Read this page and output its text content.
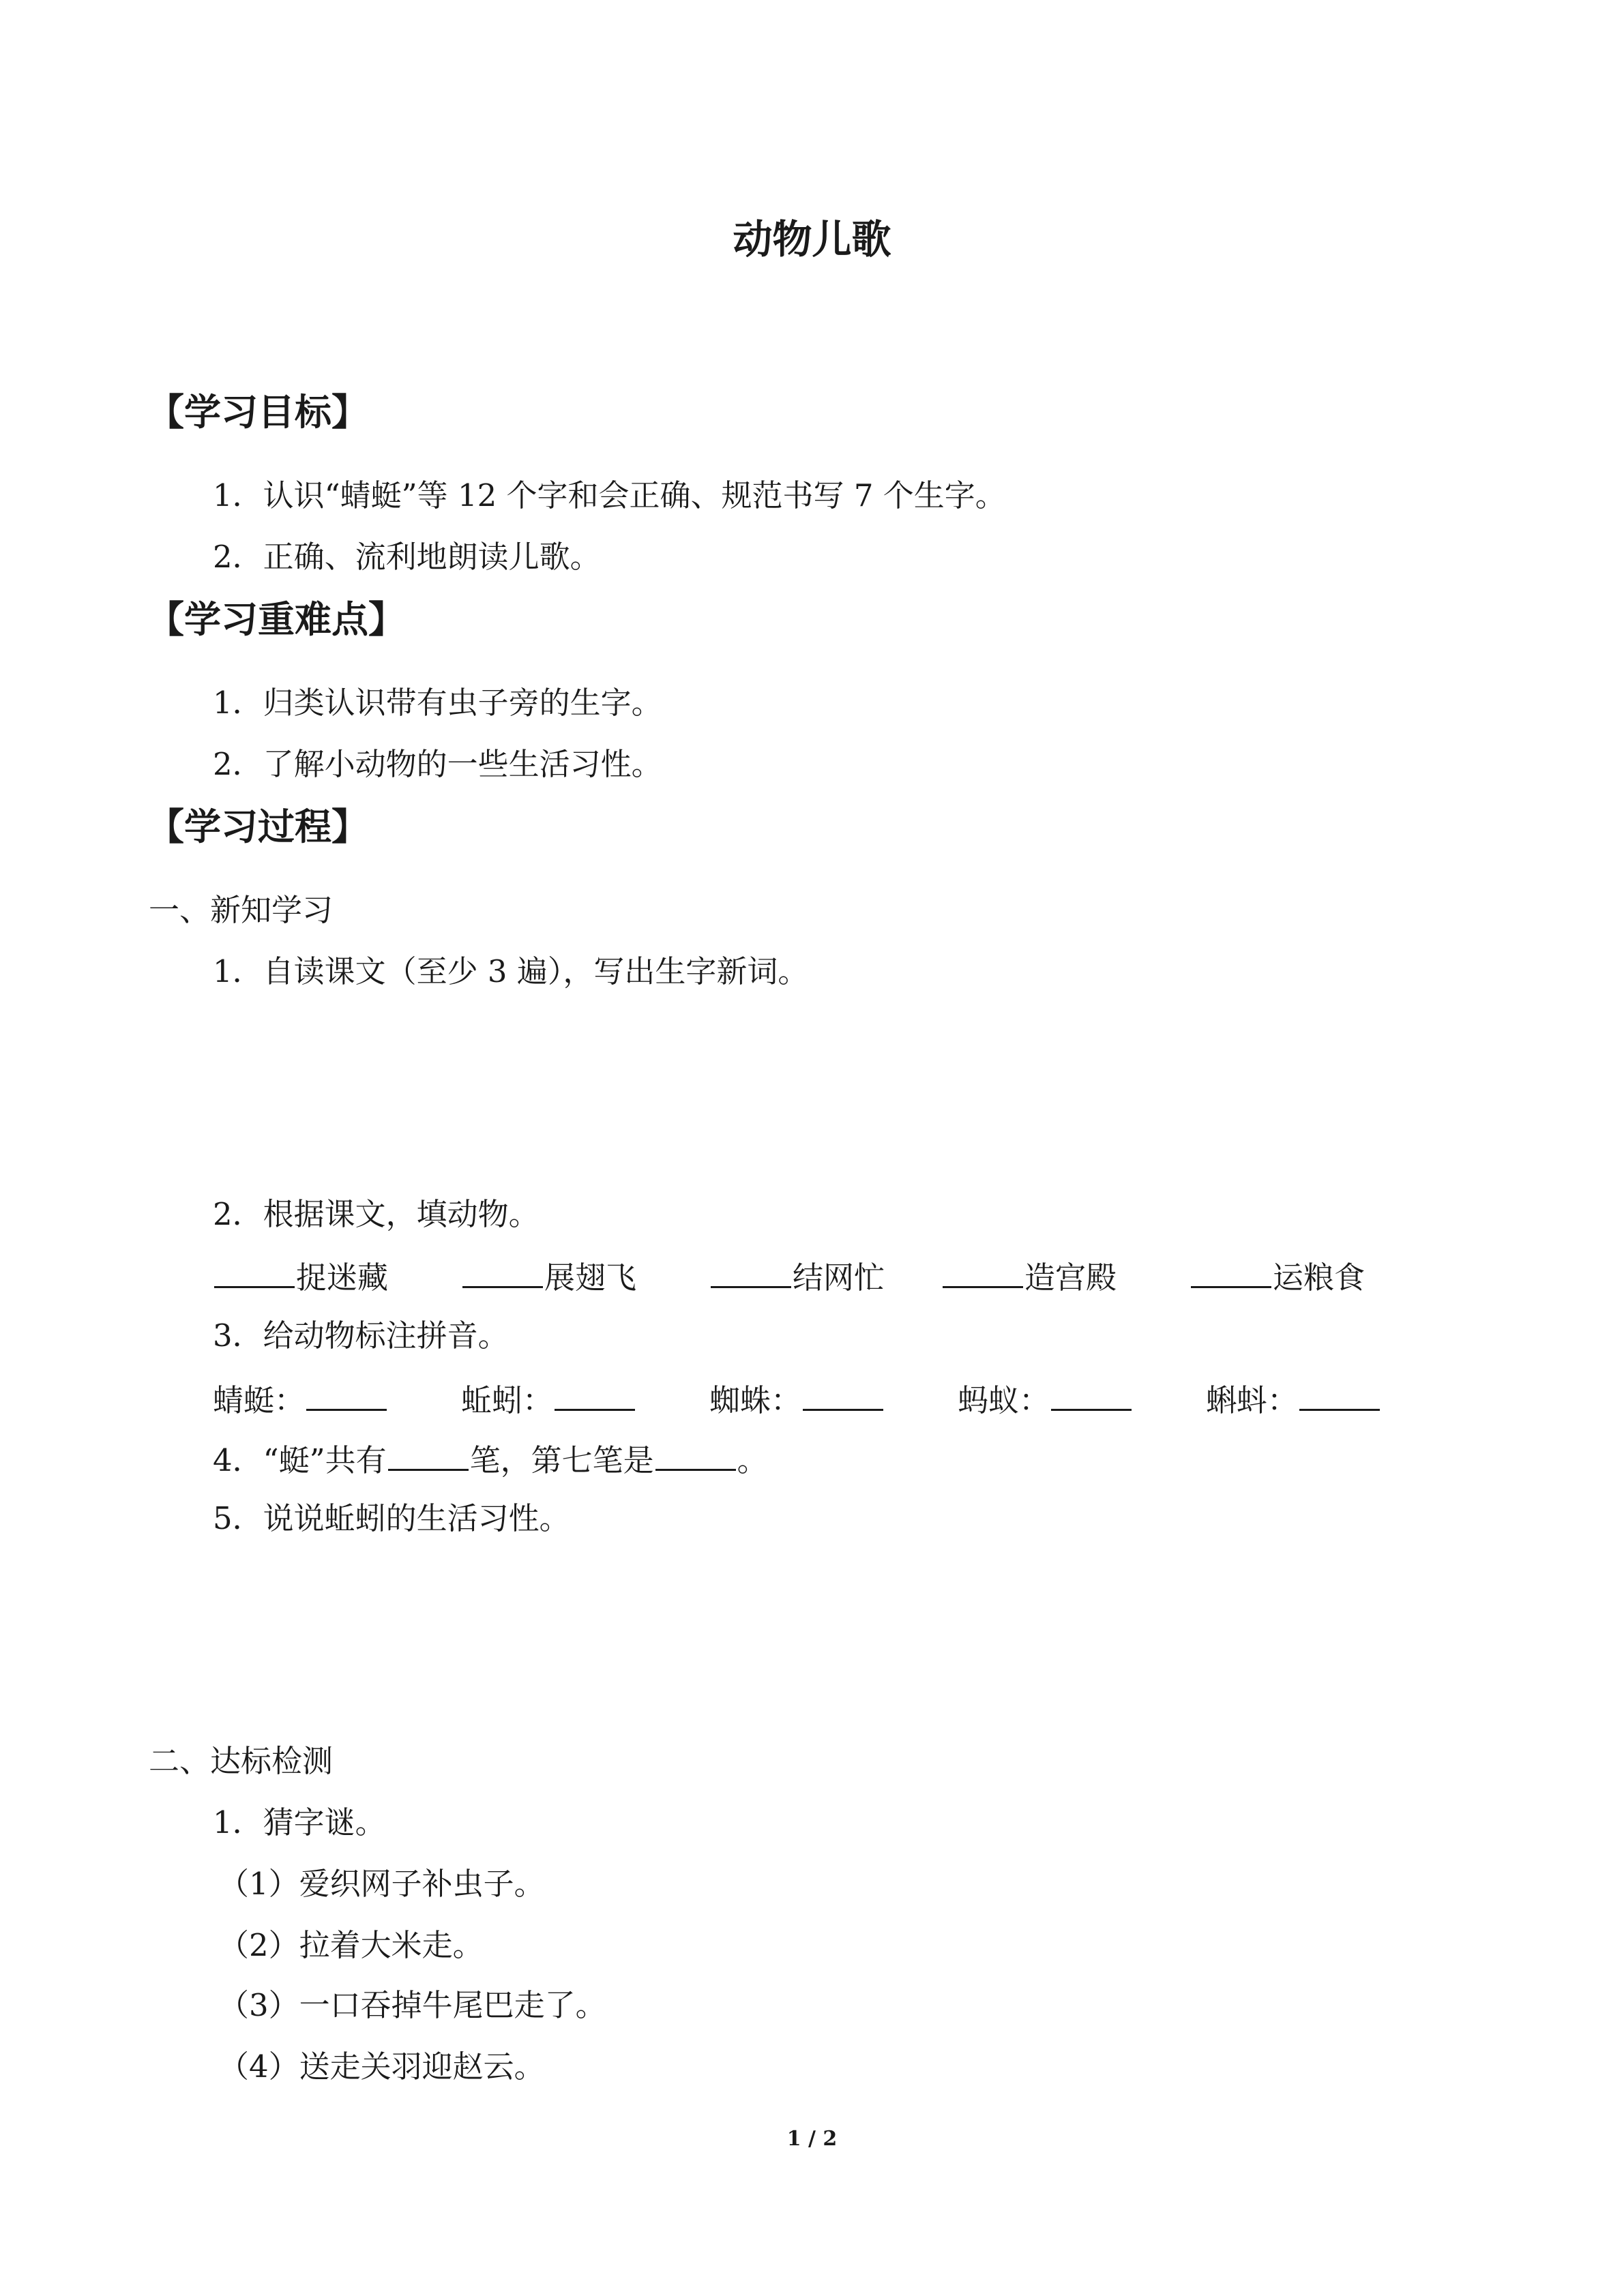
动物儿歌
【学习目标】
1．认识“蜻蜓”等 12 个字和会正确、规范书写 7 个生字。
2．正确、流利地朗读儿歌。
【学习重难点】
1．归类认识带有虫子旁的生字。
2．了解小动物的一些生活习性。
【学习过程】
一、新知学习
1．自读课文（至少 3 遍），写出生字新词。
2．根据课文，填动物。
捉迷藏	展翅飞	结网忙	造宫殿	运粮食
3．给动物标注拼音。
蜻蜓：	蚯蚓：	蜘蛛：	蚂蚁：	蝌蚪：
4．“蜓”共有	笔，第七笔是	。
5．说说蚯蚓的生活习性。
二、达标检测
1．猜字谜。
（1）爱织网子补虫子。
（2）拉着大米走。
（3）一口吞掉牛尾巴走了。
（4）送走关羽迎赵云。
1 / 2
